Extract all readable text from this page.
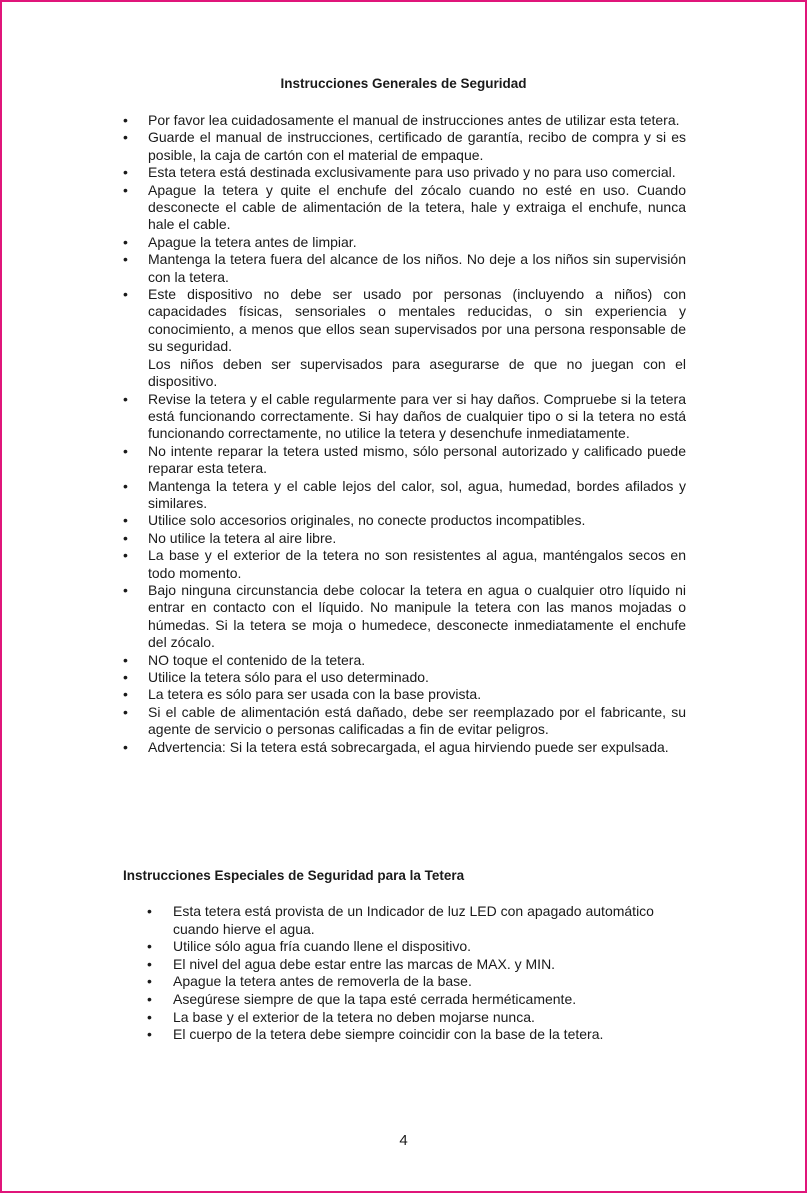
Instrucciones Generales de Seguridad
• Por favor lea cuidadosamente el manual de instrucciones antes de utilizar esta tetera.
• Guarde el manual de instrucciones, certificado de garantía, recibo de compra y si es posible, la caja de cartón con el material de empaque.
• Esta tetera está destinada exclusivamente para uso privado y no para uso comercial.
• Apague la tetera y quite el enchufe del zócalo cuando no esté en uso. Cuando desconecte el cable de alimentación de la tetera, hale y extraiga el enchufe, nunca hale el cable.
• Apague la tetera antes de limpiar.
• Mantenga la tetera fuera del alcance de los niños. No deje a los niños sin supervisión con la tetera.
• Este dispositivo no debe ser usado por personas (incluyendo a niños) con capacidades físicas, sensoriales o mentales reducidas, o sin experiencia y conocimiento, a menos que ellos sean supervisados por una persona responsable de su seguridad.
Los niños deben ser supervisados para asegurarse de que no juegan con el dispositivo.
• Revise la tetera y el cable regularmente para ver si hay daños. Compruebe si la tetera está funcionando correctamente. Si hay daños de cualquier tipo o si la tetera no está funcionando correctamente, no utilice la tetera y desenchufe inmediatamente.
• No intente reparar la tetera usted mismo, sólo personal autorizado y calificado puede reparar esta tetera.
• Mantenga la tetera y el cable lejos del calor, sol, agua, humedad, bordes afilados y similares.
• Utilice solo accesorios originales, no conecte productos incompatibles.
• No utilice la tetera al aire libre.
• La base y el exterior de la tetera no son resistentes al agua, manténgalos secos en todo momento.
• Bajo ninguna circunstancia debe colocar la tetera en agua o cualquier otro líquido ni entrar en contacto con el líquido. No manipule la tetera con las manos mojadas o húmedas. Si la tetera se moja o humedece, desconecte inmediatamente el enchufe del zócalo.
• NO toque el contenido de la tetera.
• Utilice la tetera sólo para el uso determinado.
• La tetera es sólo para ser usada con la base provista.
• Si el cable de alimentación está dañado, debe ser reemplazado por el fabricante, su agente de servicio o personas calificadas a fin de evitar peligros.
• Advertencia: Si la tetera está sobrecargada, el agua hirviendo puede ser expulsada.
Instrucciones Especiales de Seguridad para la Tetera
• Esta tetera está provista de un Indicador de luz LED con apagado automático cuando hierve el agua.
• Utilice sólo agua fría cuando llene el dispositivo.
• El nivel del agua debe estar entre las marcas de MAX. y MIN.
• Apague la tetera antes de removerla de la base.
• Asegúrese siempre de que la tapa esté cerrada herméticamente.
• La base y el exterior de la tetera no deben mojarse nunca.
• El cuerpo de la tetera debe siempre coincidir con la base de la tetera.
4
